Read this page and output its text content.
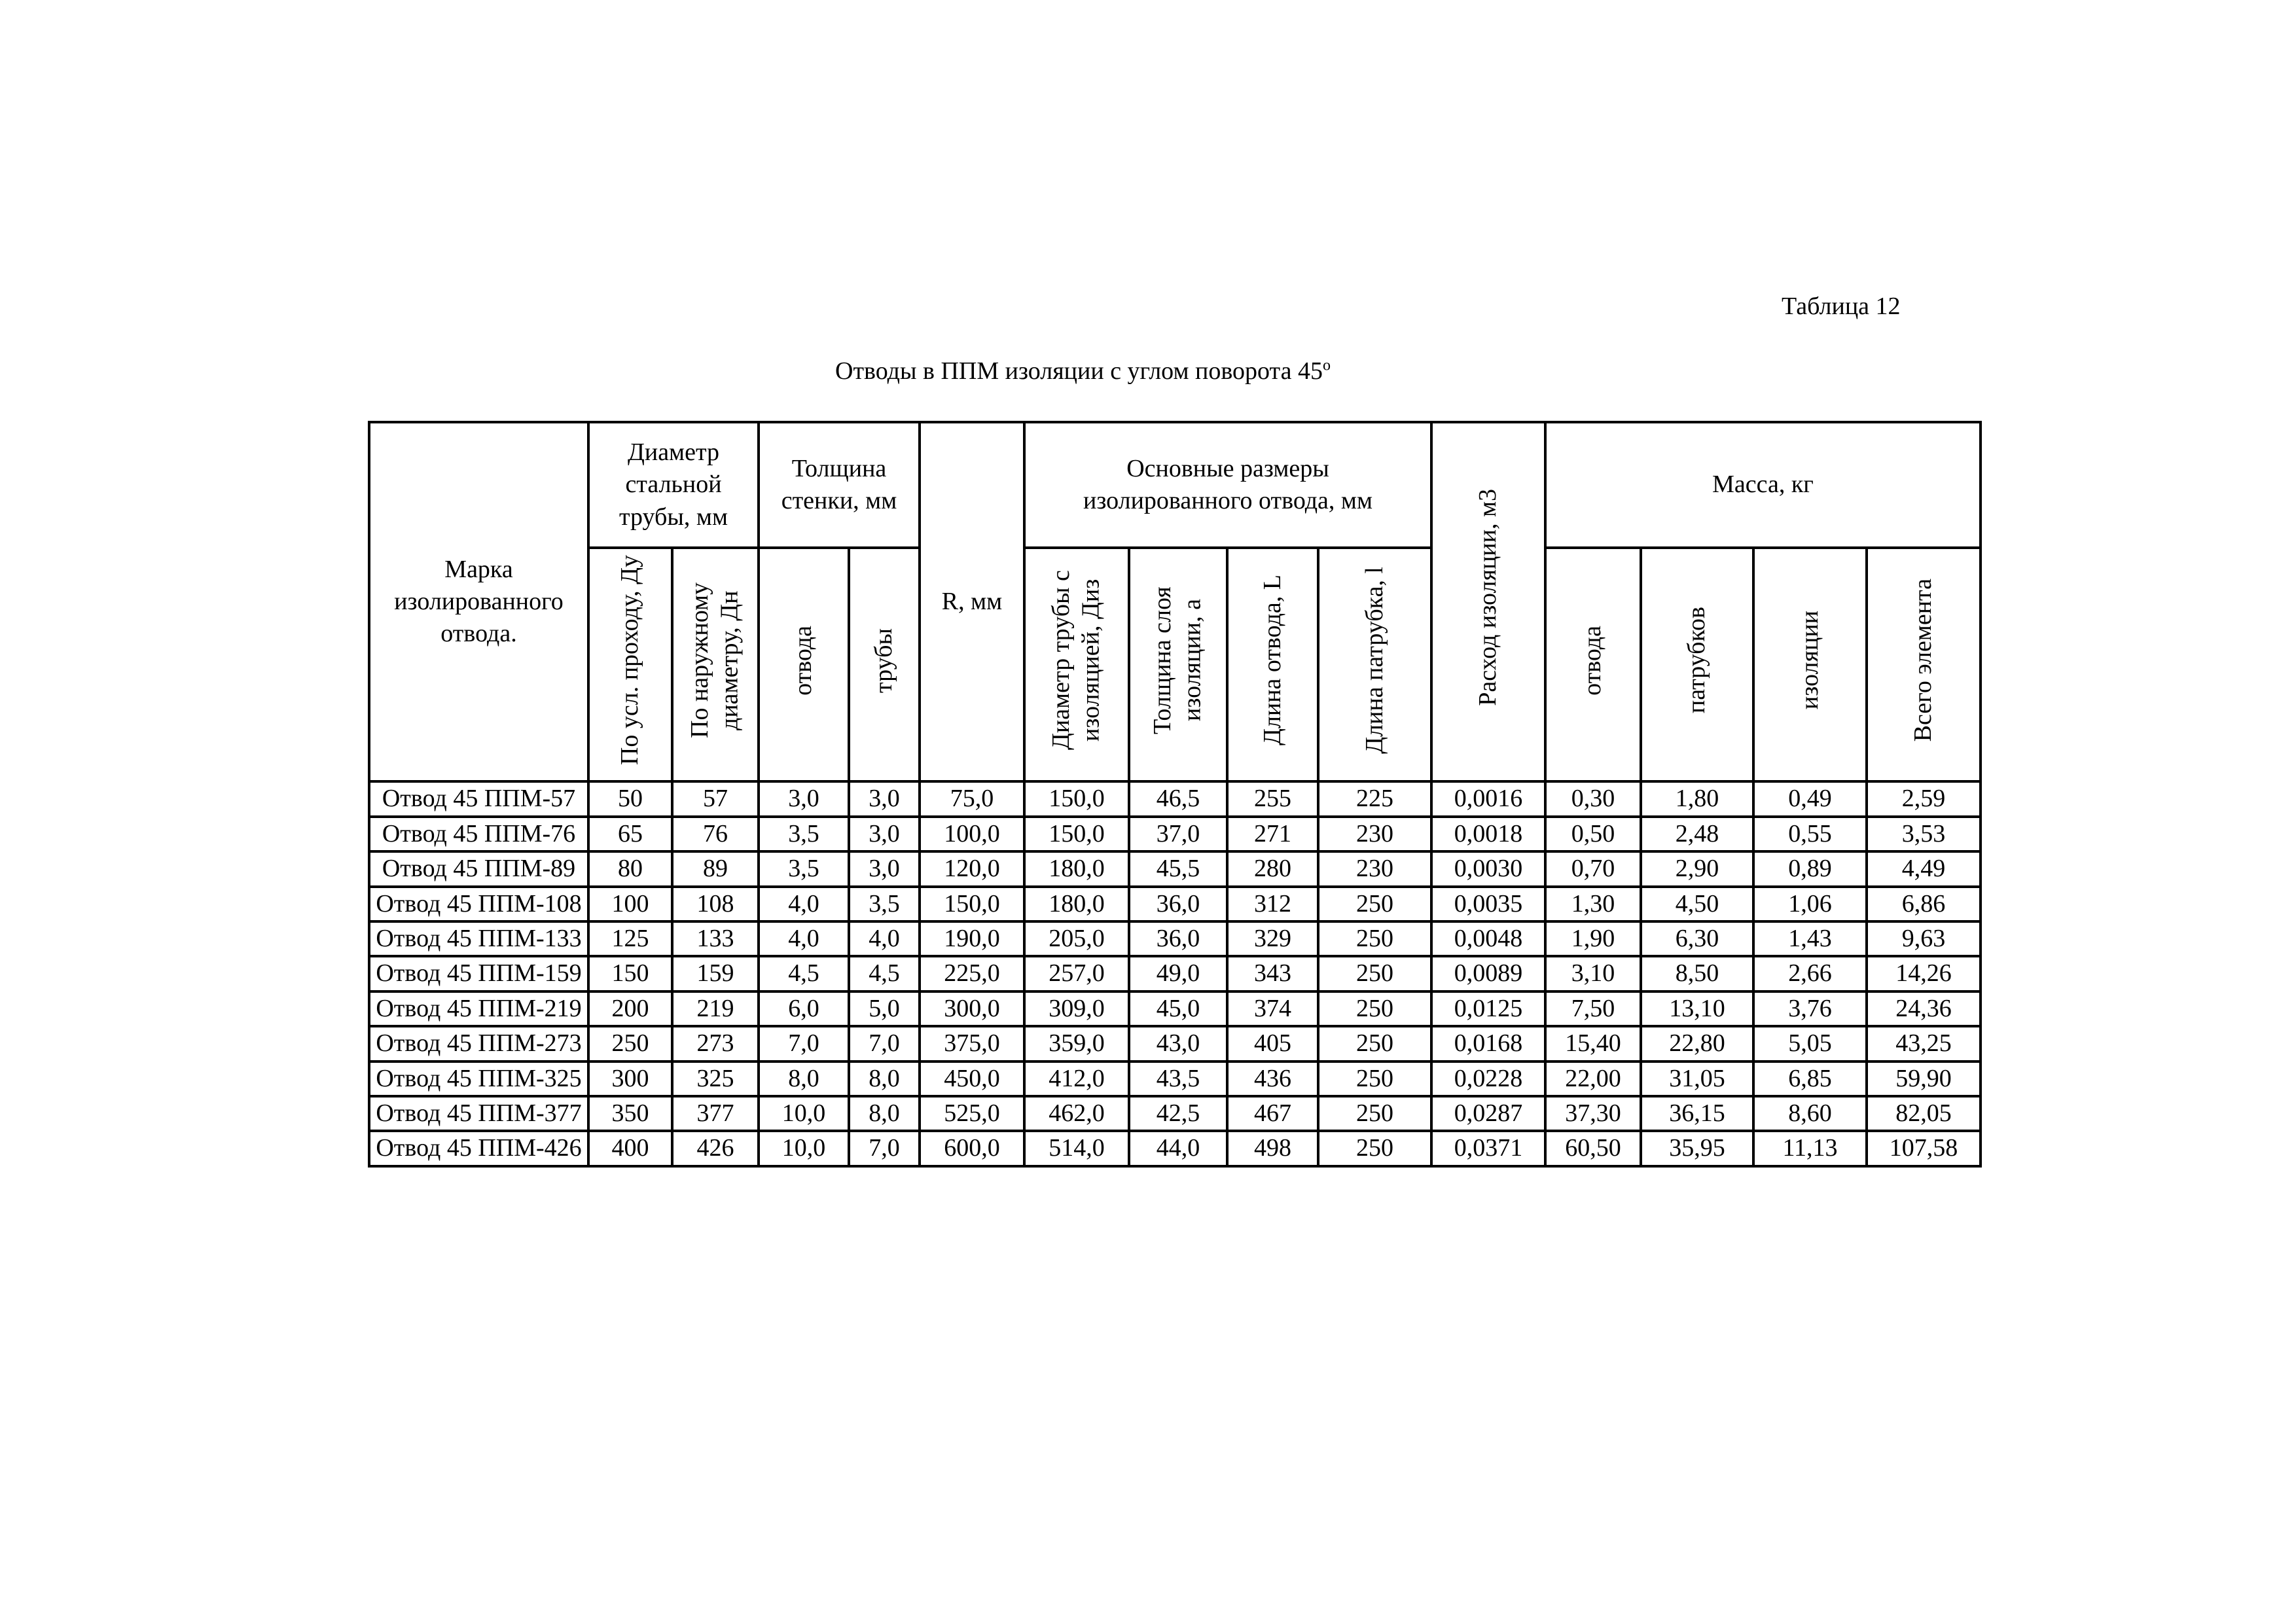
Таблица 12
Отводы в ППМ изоляции с углом поворота $45^о$
Марка изолированного отвода.	Диаметр стальной трубы, мм		Толщина стенки, мм		R, мм	Основные размеры изолированного отвода, мм				Расход изоляции, м3	Масса, кг			
	По усл. проходу, Ду	По наружному диаметру, Дн	отвода	трубы		Диаметр трубы с изоляцией, Диз	Толщина слоя изоляции, а	Длина отвода, L	Длина патрубка, l		отвода	патрубков	изоляции	Всего элемента
Отвод 45 ППМ-57	50	57	3,0	3,0	75,0	150,0	46,5	255	225	0,0016	0,30	1,80	0,49	2,59
Отвод 45 ППМ-76	65	76	3,5	3,0	100,0	150,0	37,0	271	230	0,0018	0,50	2,48	0,55	3,53
Отвод 45 ППМ-89	80	89	3,5	3,0	120,0	180,0	45,5	280	230	0,0030	0,70	2,90	0,89	4,49
Отвод 45 ППМ-108	100	108	4,0	3,5	150,0	180,0	36,0	312	250	0,0035	1,30	4,50	1,06	6,86
Отвод 45 ППМ-133	125	133	4,0	4,0	190,0	205,0	36,0	329	250	0,0048	1,90	6,30	1,43	9,63
Отвод 45 ППМ-159	150	159	4,5	4,5	225,0	257,0	49,0	343	250	0,0089	3,10	8,50	2,66	14,26
Отвод 45 ППМ-219	200	219	6,0	5,0	300,0	309,0	45,0	374	250	0,0125	7,50	13,10	3,76	24,36
Отвод 45 ППМ-273	250	273	7,0	7,0	375,0	359,0	43,0	405	250	0,0168	15,40	22,80	5,05	43,25
Отвод 45 ППМ-325	300	325	8,0	8,0	450,0	412,0	43,5	436	250	0,0228	22,00	31,05	6,85	59,90
Отвод 45 ППМ-377	350	377	10,0	8,0	525,0	462,0	42,5	467	250	0,0287	37,30	36,15	8,60	82,05
Отвод 45 ППМ-426	400	426	10,0	7,0	600,0	514,0	44,0	498	250	0,0371	60,50	35,95	11,13	107,58
